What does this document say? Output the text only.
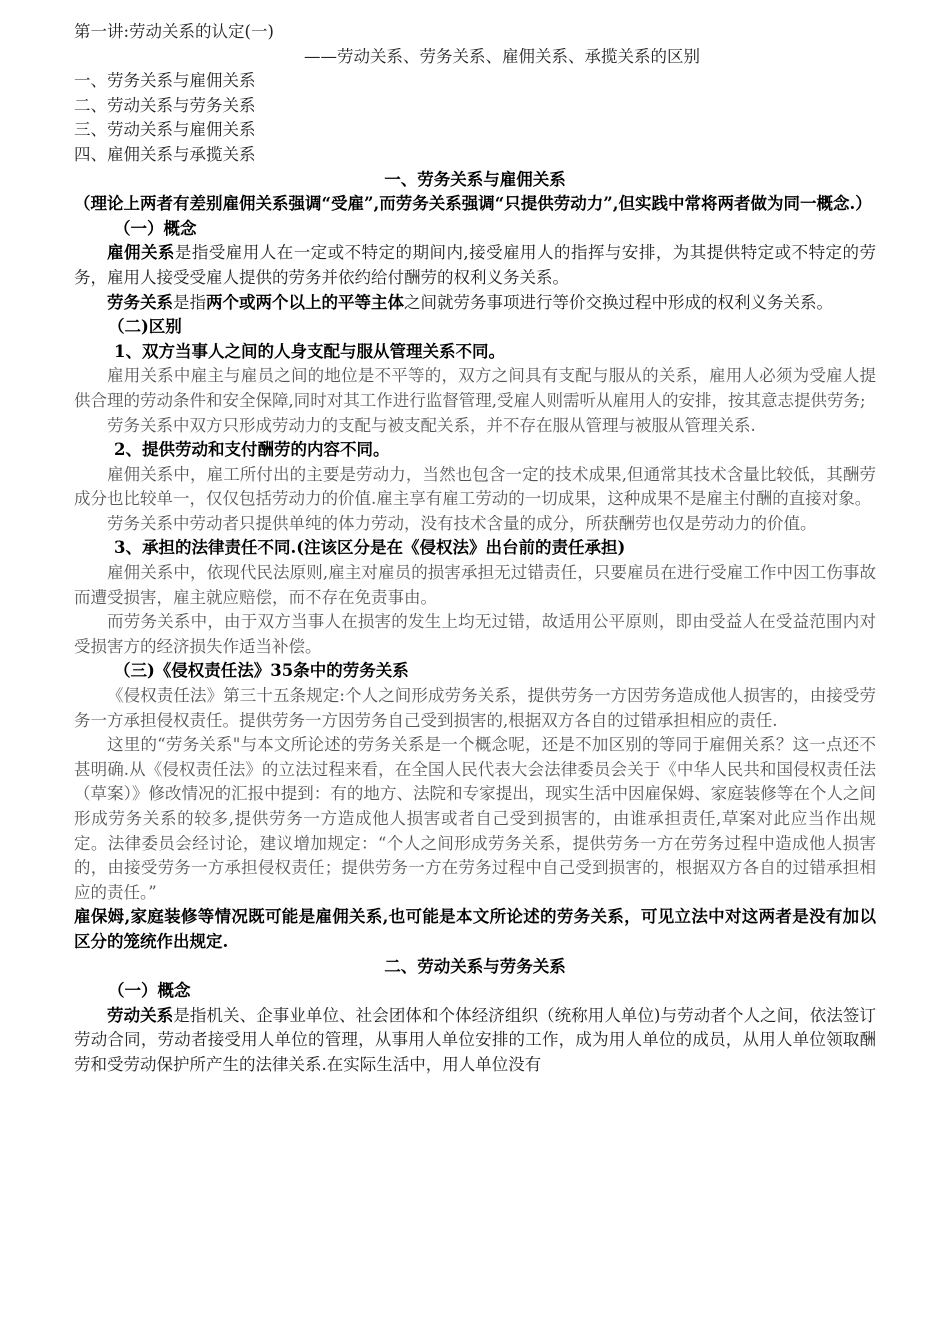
第一讲:劳动关系的认定(一)

——劳动关系、劳务关系、雇佣关系、承揽关系的区别

一、劳务关系与雇佣关系

二、劳动关系与劳务关系

三、劳动关系与雇佣关系

四、雇佣关系与承揽关系

一、劳务关系与雇佣关系

（理论上两者有差别雇佣关系强调“受雇”,而劳务关系强调“只提供劳动力”,但实践中常将两者做为同一概念.）

（一）概念

雇佣关系是指受雇用人在一定或不特定的期间内,接受雇用人的指挥与安排，为其提供特定或不特定的劳务，雇用人接受受雇人提供的劳务并依约给付酬劳的权利义务关系。

劳务关系是指两个或两个以上的平等主体之间就劳务事项进行等价交换过程中形成的权利义务关系。

（二)区别

1、双方当事人之间的人身支配与服从管理关系不同。

雇用关系中雇主与雇员之间的地位是不平等的，双方之间具有支配与服从的关系，雇用人必须为受雇人提供合理的劳动条件和安全保障,同时对其工作进行监督管理,受雇人则需听从雇用人的安排，按其意志提供劳务;

劳务关系中双方只形成劳动力的支配与被支配关系，并不存在服从管理与被服从管理关系.

2、提供劳动和支付酬劳的内容不同。

雇佣关系中，雇工所付出的主要是劳动力，当然也包含一定的技术成果,但通常其技术含量比较低，其酬劳成分也比较单一，仅仅包括劳动力的价值.雇主享有雇工劳动的一切成果，这种成果不是雇主付酬的直接对象。

劳务关系中劳动者只提供单纯的体力劳动，没有技术含量的成分，所获酬劳也仅是劳动力的价值。

3、承担的法律责任不同.(注该区分是在《侵权法》出台前的责任承担)

雇佣关系中，依现代民法原则,雇主对雇员的损害承担无过错责任，只要雇员在进行受雇工作中因工伤事故而遭受损害，雇主就应赔偿，而不存在免责事由。

而劳务关系中，由于双方当事人在损害的发生上均无过错，故适用公平原则，即由受益人在受益范围内对受损害方的经济损失作适当补偿。

（三)《侵权责任法》35条中的劳务关系

《侵权责任法》第三十五条规定:个人之间形成劳务关系，提供劳务一方因劳务造成他人损害的，由接受劳务一方承担侵权责任。提供劳务一方因劳务自己受到损害的,根据双方各自的过错承担相应的责任.

这里的“劳务关系"与本文所论述的劳务关系是一个概念呢，还是不加区别的等同于雇佣关系？这一点还不甚明确.从《侵权责任法》的立法过程来看，在全国人民代表大会法律委员会关于《中华人民共和国侵权责任法（草案）》修改情况的汇报中提到：有的地方、法院和专家提出，现实生活中因雇保姆、家庭装修等在个人之间形成劳务关系的较多,提供劳务一方造成他人损害或者自己受到损害的，由谁承担责任,草案对此应当作出规定。法律委员会经讨论，建议增加规定：“个人之间形成劳务关系，提供劳务一方在劳务过程中造成他人损害的，由接受劳务一方承担侵权责任；提供劳务一方在劳务过程中自己受到损害的，根据双方各自的过错承担相应的责任。”

雇保姆,家庭装修等情况既可能是雇佣关系,也可能是本文所论述的劳务关系，可见立法中对这两者是没有加以区分的笼统作出规定.

二、劳动关系与劳务关系

（一）概念

劳动关系是指机关、企事业单位、社会团体和个体经济组织（统称用人单位)与劳动者个人之间，依法签订劳动合同，劳动者接受用人单位的管理，从事用人单位安排的工作，成为用人单位的成员，从用人单位领取酬劳和受劳动保护所产生的法律关系.在实际生活中，用人单位没有
